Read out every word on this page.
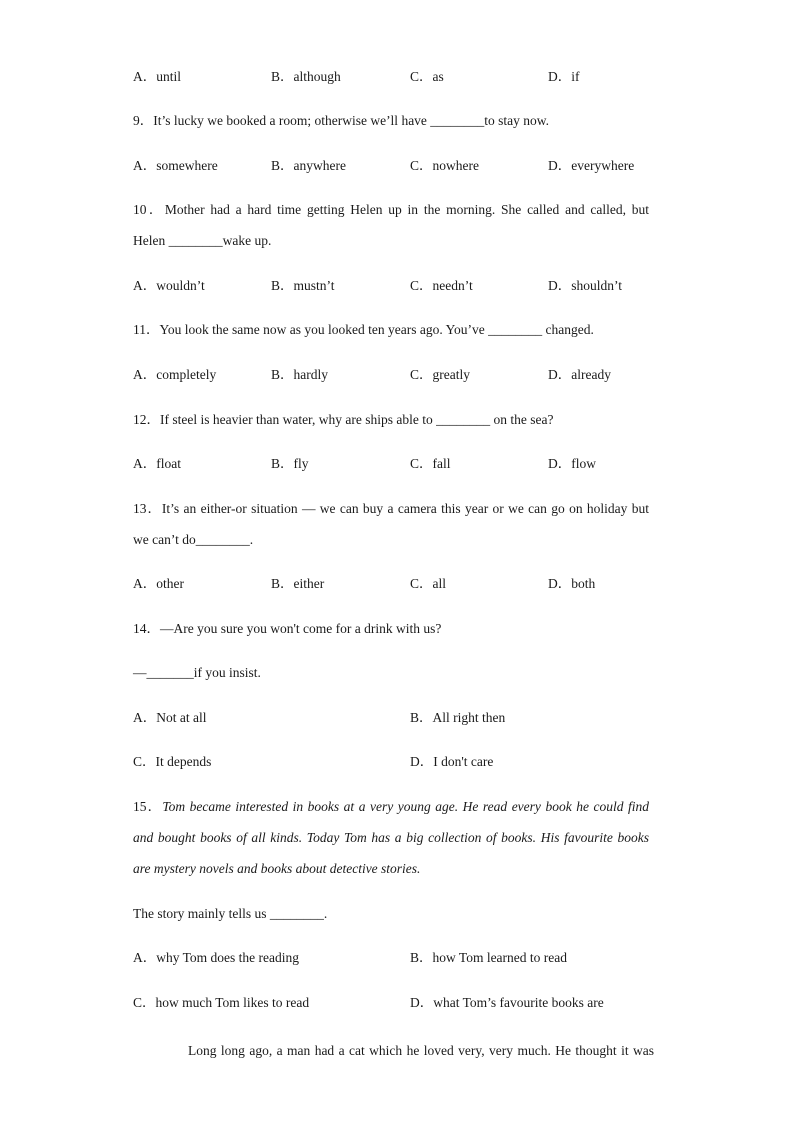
A．until	B．although	C．as	D．if
9．It’s lucky we booked a room; otherwise we’ll have ________to stay now.
A．somewhere	B．anywhere	C．nowhere	D．everywhere
10．Mother had a hard time getting Helen up in the morning. She called and called, but
Helen ________wake up.
A．wouldn’t	B．mustn’t	C．needn’t	D．shouldn’t
11．You look the same now as you looked ten years ago. You’ve ________ changed.
A．completely	B．hardly	C．greatly	D．already
12．If steel is heavier than water, why are ships able to ________ on the sea?
A．float	B．fly	C．fall	D．flow
13．It’s an either-or situation — we can buy a camera this year or we can go on holiday but
we can’t do________.
A．other	B．either	C．all	D．both
14．—Are you sure you won't come for a drink with us?
—_______if you insist.
A．Not at all	B．All right then
C．It depends	D．I don't care
15．Tom became interested in books at a very young age. He read every book he could find
and bought books of all kinds. Today Tom has a big collection of books. His favourite books
are mystery novels and books about detective stories.
The story mainly tells us ________.
A．why Tom does the reading	B．how Tom learned to read
C．how much Tom likes to read	D．what Tom’s favourite books are
Long long ago, a man had a cat which he loved very, very much. He thought it was
